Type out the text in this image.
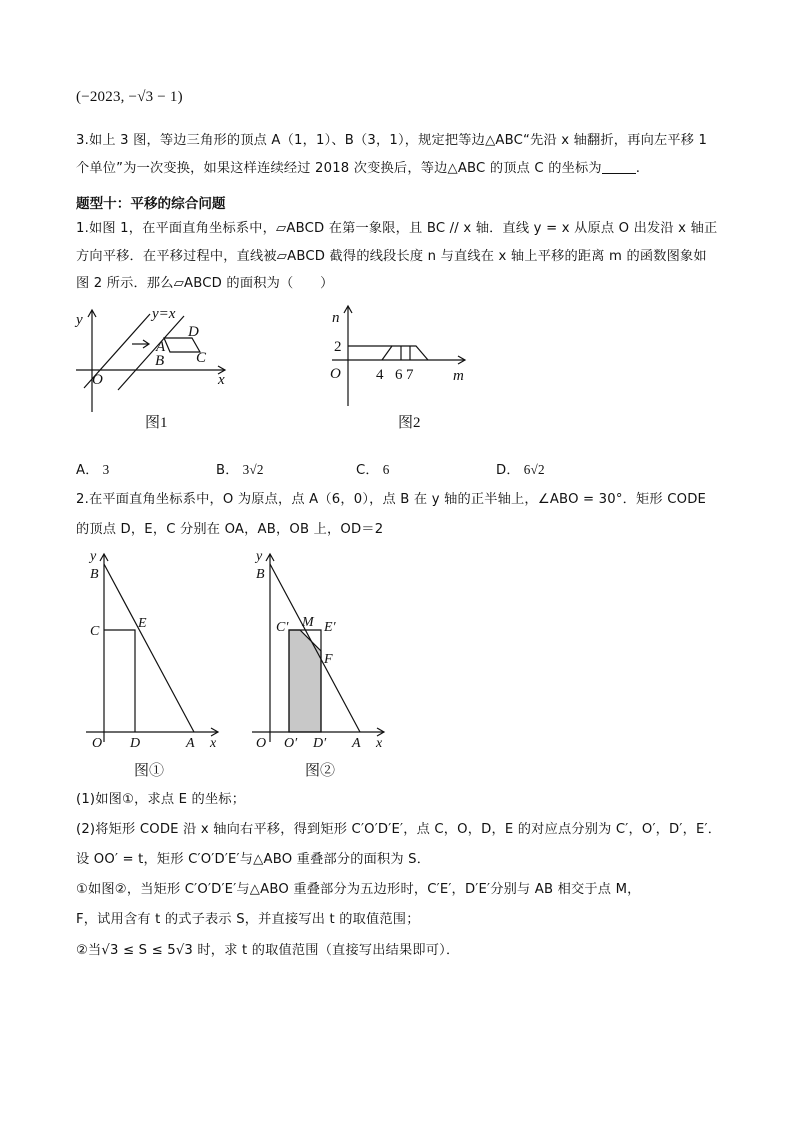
(−2023, −√3 − 1)
3.如上 3 图，等边三角形的顶点 A（1，1）、B（3，1），规定把等边△ABC“先沿 x 轴翻折，再向左平移 1
个单位”为一次变换，如果这样连续经过 2018 次变换后，等边△ABC 的顶点 C 的坐标为	.
题型十：平移的综合问题
1.如图 1，在平面直角坐标系中，▱ABCD 在第一象限，且 BC // x 轴．直线 y = x 从原点 O 出发沿 x 轴正
方向平移．在平移过程中，直线被▱ABCD 截得的线段长度 n 与直线在 x 轴上平移的距离 m 的函数图象如
图 2 所示．那么▱ABCD 的面积为（　　）
y
x
O
y=x
A
B C
D
图1
n
m
O
2
4 6 7
图2
A． 3	B． 3√2	C． 6	D． 6√2
2.在平面直角坐标系中，O 为原点，点 A（6，0），点 B 在 y 轴的正半轴上，∠ABO = 30°．矩形 CODE
的顶点 D，E，C 分别在 OA，AB，OB 上，OD＝2
y
x
O
B
C
E
D	A
图①
y
x
O
B
C′ M E′
F
O′ D′ A
图②
(1)如图①，求点 E 的坐标；
(2)将矩形 CODE 沿 x 轴向右平移，得到矩形 C′O′D′E′，点 C，O，D，E 的对应点分别为 C′，O′，D′，E′．
设 OO′ = t，矩形 C′O′D′E′与△ABO 重叠部分的面积为 S．
①如图②，当矩形 C′O′D′E′与△ABO 重叠部分为五边形时，C′E′，D′E′分别与 AB 相交于点 M，
F，试用含有 t 的式子表示 S，并直接写出 t 的取值范围；
②当√3 ≤ S ≤ 5√3 时，求 t 的取值范围（直接写出结果即可）．
